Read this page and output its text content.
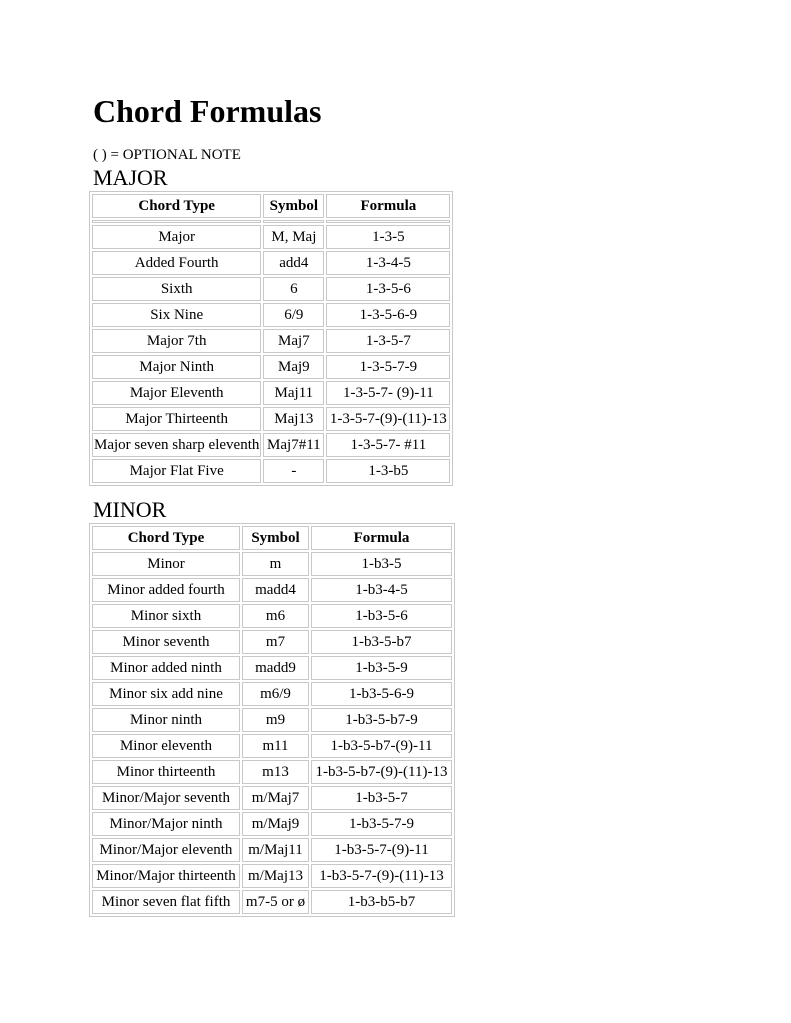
Chord Formulas
( ) = OPTIONAL NOTE
MAJOR
Chord Type	Symbol	Formula

Major	M, Maj	1-3-5
Added Fourth	add4	1-3-4-5
Sixth	6	1-3-5-6
Six Nine	6/9	1-3-5-6-9
Major 7th	Maj7	1-3-5-7
Major Ninth	Maj9	1-3-5-7-9
Major Eleventh	Maj11	1-3-5-7- (9)-11
Major Thirteenth	Maj13	1-3-5-7-(9)-(11)-13
Major seven sharp eleventh	Maj7#11	1-3-5-7- #11
Major Flat Five	-	1-3-b5
MINOR
Chord Type	Symbol	Formula
Minor	m	1-b3-5
Minor added fourth	madd4	1-b3-4-5
Minor sixth	m6	1-b3-5-6
Minor seventh	m7	1-b3-5-b7
Minor added ninth	madd9	1-b3-5-9
Minor six add nine	m6/9	1-b3-5-6-9
Minor ninth	m9	1-b3-5-b7-9
Minor eleventh	m11	1-b3-5-b7-(9)-11
Minor thirteenth	m13	1-b3-5-b7-(9)-(11)-13
Minor/Major seventh	m/Maj7	1-b3-5-7
Minor/Major ninth	m/Maj9	1-b3-5-7-9
Minor/Major eleventh	m/Maj11	1-b3-5-7-(9)-11
Minor/Major thirteenth	m/Maj13	1-b3-5-7-(9)-(11)-13
Minor seven flat fifth	m7-5 or ø	1-b3-b5-b7
